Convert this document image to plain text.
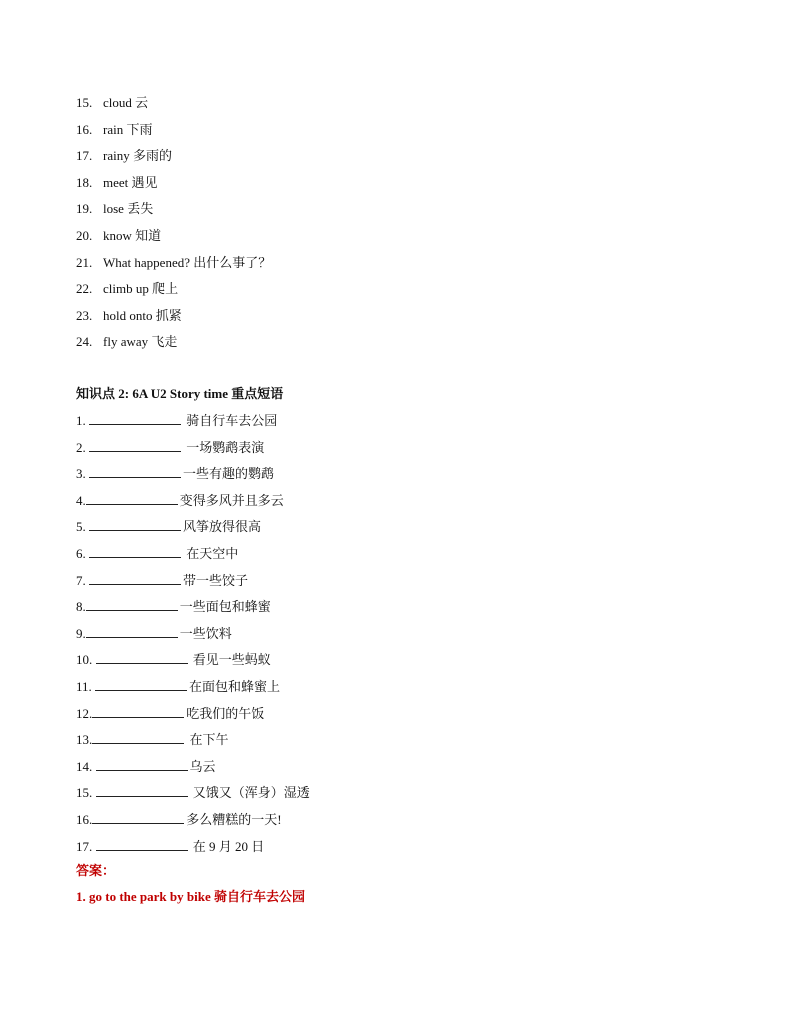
15. cloud 云
16. rain 下雨
17. rainy 多雨的
18. meet 遇见
19. lose 丢失
20. know 知道
21. What happened? 出什么事了？
22. climb up 爬上
23. hold onto 抓紧
24. fly away 飞走
知识点 2: 6A U2 Story time 重点短语
1.	骑自行车去公园
2.	一场鹦鹉表演
3.	一些有趣的鹦鹉
4.	变得多风并且多云
5.	风筝放得很高
6.	在天空中
7.	带一些饺子
8.	一些面包和蜂蜜
9.	一些饮料
10.	看见一些蚂蚁
11.	在面包和蜂蜜上
12.	吃我们的午饭
13.	在下午
14.	乌云
15.	又饿又（浑身）湿透
16.	多么糟糕的一天!
17.	在 9 月 20 日
答案：
1. go to the park by bike 骑自行车去公园
